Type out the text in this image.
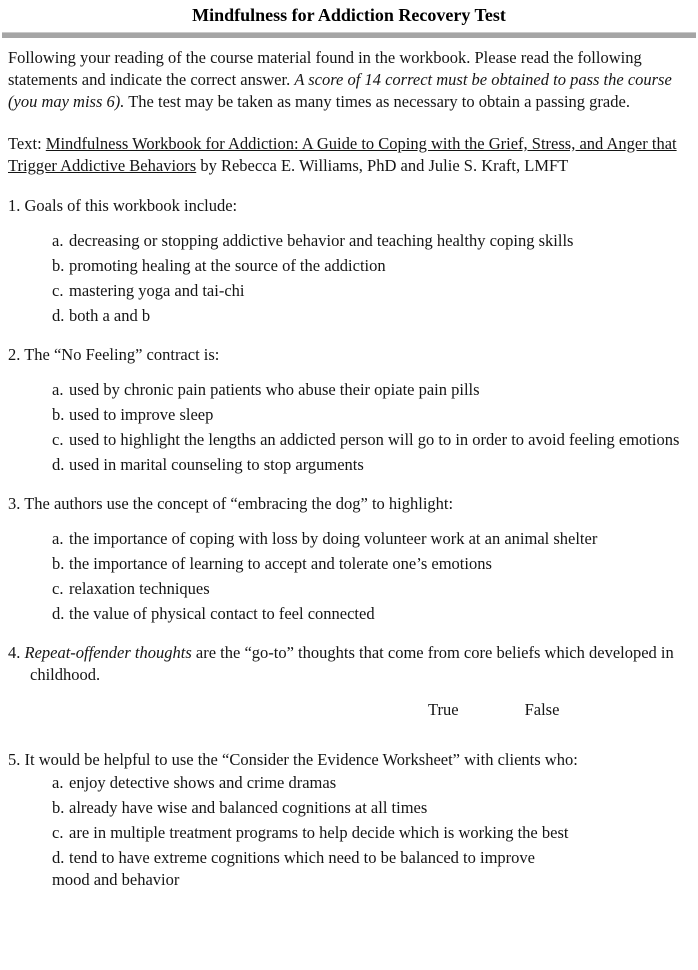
Mindfulness for Addiction Recovery Test

Following your reading of the course material found in the workbook. Please read the following statements and indicate the correct answer. A score of 14 correct must be obtained to pass the course (you may miss 6). The test may be taken as many times as necessary to obtain a passing grade.

Text: Mindfulness Workbook for Addiction: A Guide to Coping with the Grief, Stress, and Anger that Trigger Addictive Behaviors by Rebecca E. Williams, PhD and Julie S. Kraft, LMFT

1. Goals of this workbook include:

a. decreasing or stopping addictive behavior and teaching healthy coping skills
b. promoting healing at the source of the addiction
c. mastering yoga and tai-chi
d. both a and b

2. The “No Feeling” contract is:

a. used by chronic pain patients who abuse their opiate pain pills
b. used to improve sleep
c. used to highlight the lengths an addicted person will go to in order to avoid feeling emotions
d. used in marital counseling to stop arguments

3. The authors use the concept of “embracing the dog” to highlight:

a. the importance of coping with loss by doing volunteer work at an animal shelter
b. the importance of learning to accept and tolerate one’s emotions
c. relaxation techniques
d. the value of physical contact to feel connected

4. Repeat-offender thoughts are the “go-to” thoughts that come from core beliefs which developed in childhood.

True	False

5. It would be helpful to use the “Consider the Evidence Worksheet” with clients who:

a. enjoy detective shows and crime dramas
b. already have wise and balanced cognitions at all times
c. are in multiple treatment programs to help decide which is working the best
d. tend to have extreme cognitions which need to be balanced to improve
mood and behavior
